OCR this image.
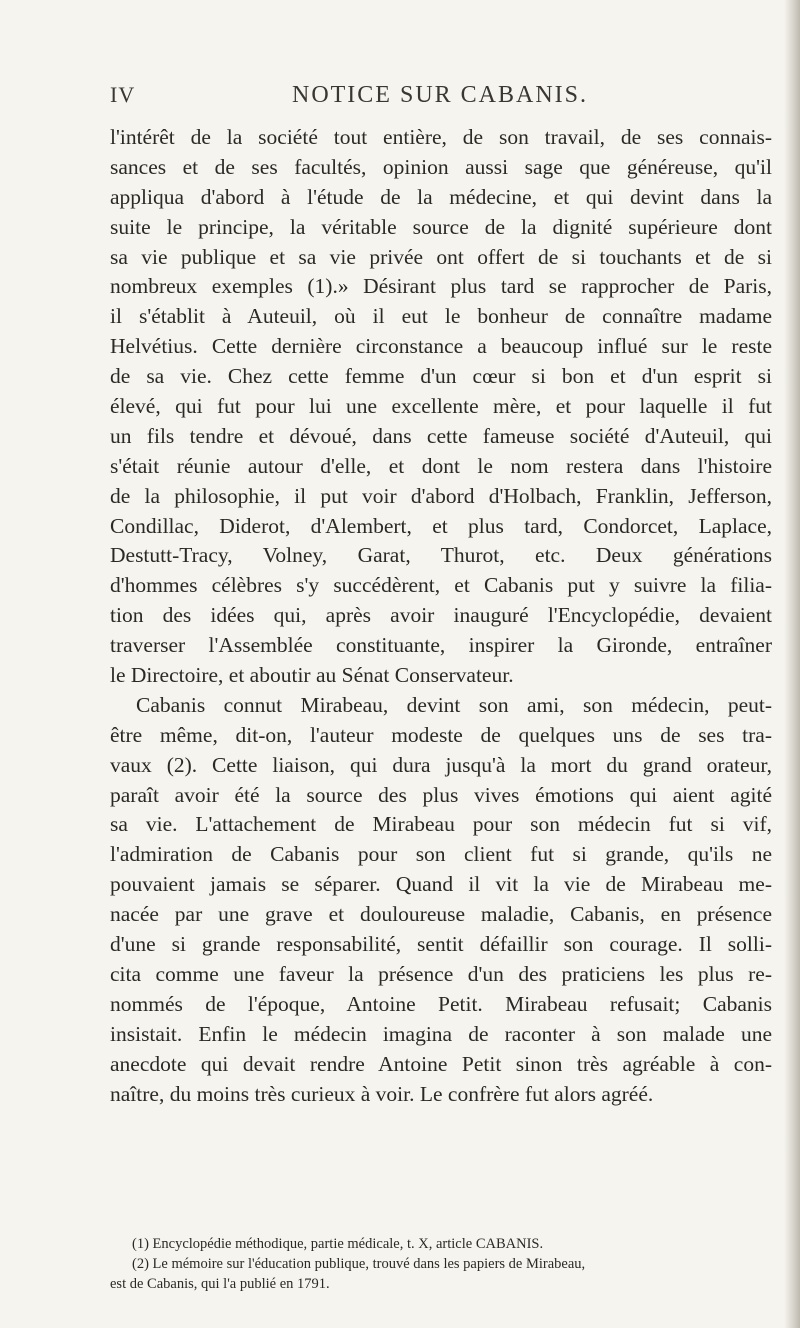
IV	NOTICE SUR CABANIS.
l'intérêt de la société tout entière, de son travail, de ses connais-
sances et de ses facultés, opinion aussi sage que généreuse, qu'il
appliqua d'abord à l'étude de la médecine, et qui devint dans la
suite le principe, la véritable source de la dignité supérieure dont
sa vie publique et sa vie privée ont offert de si touchants et de si
nombreux exemples (1).» Désirant plus tard se rapprocher de Paris,
il s'établit à Auteuil, où il eut le bonheur de connaître madame
Helvétius. Cette dernière circonstance a beaucoup influé sur le reste
de sa vie. Chez cette femme d'un cœur si bon et d'un esprit si
élevé, qui fut pour lui une excellente mère, et pour laquelle il fut
un fils tendre et dévoué, dans cette fameuse société d'Auteuil, qui
s'était réunie autour d'elle, et dont le nom restera dans l'histoire
de la philosophie, il put voir d'abord d'Holbach, Franklin, Jefferson,
Condillac, Diderot, d'Alembert, et plus tard, Condorcet, Laplace,
Destutt-Tracy, Volney, Garat, Thurot, etc. Deux générations
d'hommes célèbres s'y succédèrent, et Cabanis put y suivre la filia-
tion des idées qui, après avoir inauguré l'Encyclopédie, devaient
traverser l'Assemblée constituante, inspirer la Gironde, entraîner
le Directoire, et aboutir au Sénat Conservateur.
Cabanis connut Mirabeau, devint son ami, son médecin, peut-
être même, dit-on, l'auteur modeste de quelques uns de ses tra-
vaux (2). Cette liaison, qui dura jusqu'à la mort du grand orateur,
paraît avoir été la source des plus vives émotions qui aient agité
sa vie. L'attachement de Mirabeau pour son médecin fut si vif,
l'admiration de Cabanis pour son client fut si grande, qu'ils ne
pouvaient jamais se séparer. Quand il vit la vie de Mirabeau me-
nacée par une grave et douloureuse maladie, Cabanis, en présence
d'une si grande responsabilité, sentit défaillir son courage. Il solli-
cita comme une faveur la présence d'un des praticiens les plus re-
nommés de l'époque, Antoine Petit. Mirabeau refusait; Cabanis
insistait. Enfin le médecin imagina de raconter à son malade une
anecdote qui devait rendre Antoine Petit sinon très agréable à con-
naître, du moins très curieux à voir. Le confrère fut alors agréé.
(1) Encyclopédie méthodique, partie médicale, t. X, article CABANIS.
(2) Le mémoire sur l'éducation publique, trouvé dans les papiers de Mirabeau,
est de Cabanis, qui l'a publié en 1791.
